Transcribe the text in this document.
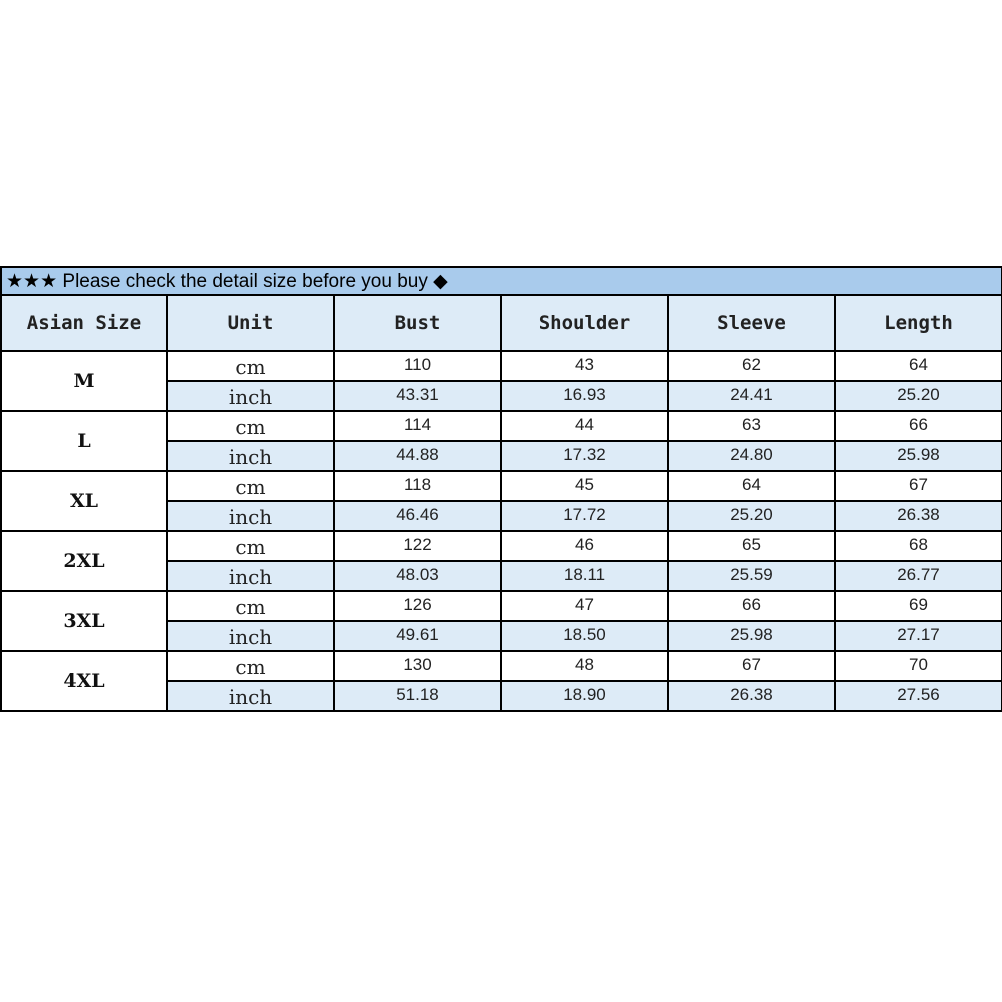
★★★ Please check the detail size before you buy ◆					
Asian Size	Unit	Bust	Shoulder	Sleeve	Length
M	cm	110	43	62	64
	inch	43.31	16.93	24.41	25.20
L	cm	114	44	63	66
	inch	44.88	17.32	24.80	25.98
XL	cm	118	45	64	67
	inch	46.46	17.72	25.20	26.38
2XL	cm	122	46	65	68
	inch	48.03	18.11	25.59	26.77
3XL	cm	126	47	66	69
	inch	49.61	18.50	25.98	27.17
4XL	cm	130	48	67	70
	inch	51.18	18.90	26.38	27.56
